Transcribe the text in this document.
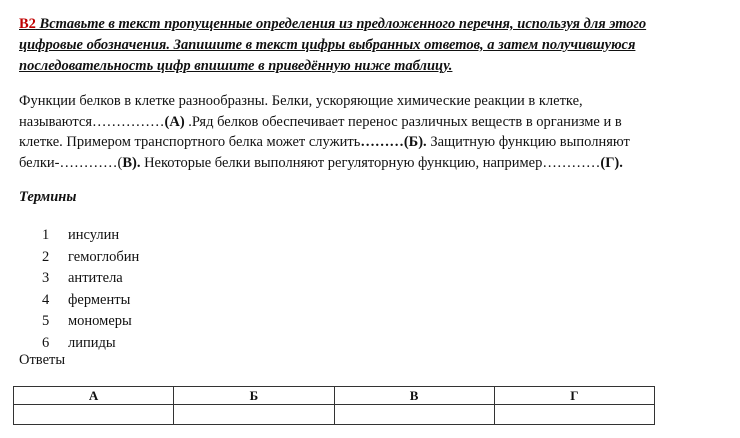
В2 Вставьте в текст пропущенные определения из предложенного перечня, используя для этого
цифровые обозначения. Запишите в текст цифры выбранных ответов, а затем получившуюся
последовательность цифр впишите в приведённую ниже таблицу.
Функции белков в клетке разнообразны. Белки, ускоряющие химические реакции в клетке,
называются……………(А) .Ряд белков обеспечивает перенос различных веществ в организме и в
клетке. Примером транспортного белка может служить………(Б). Защитную функцию выполняют
белки-…………(В). Некоторые белки выполняют регуляторную функцию, например…………(Г).
Термины
1	инсулин
2	гемоглобин
3	антитела
4	ферменты
5	мономеры
6	липиды
Ответы
А	Б	В	Г
